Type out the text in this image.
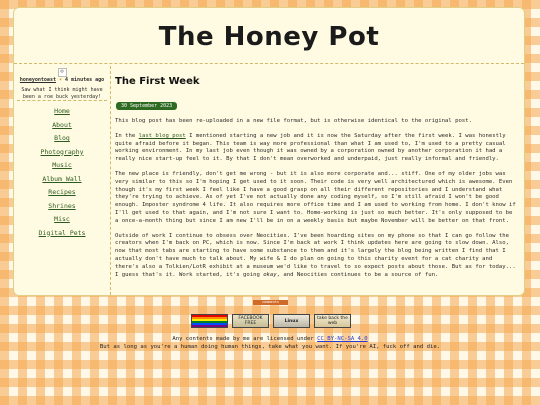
The Honey Pot
☺
honeyontoast ☀ 4 minutes ago
Saw what I think might have been a roe buck yesterday!
Home
About
Blog
Photography
Music
Album Wall
Recipes
Shrines
Misc
Digital Pets
The First Week
30 September 2023

This blog post has been re-uploaded in a new file format, but is otherwise identical to the original post.

In the last blog post I mentioned starting a new job and it is now the Saturday after the first week. I was honestly quite afraid before it began. This team is way more professional than what I am used to, I'm used to a pretty casual working environment. In my last job even though it was owned by a corporation owned by another corporation it had a really nice start-up feel to it. By that I don't mean overworked and underpaid, just really informal and friendly.

The new place is friendly, don't get me wrong - but it is also more corporate and... stiff. One of my older jobs was very similar to this so I'm hoping I get used to it soon. Their code is very well architectured which is awesome. Even though it's my first week I feel like I have a good grasp on all their different repositories and I understand what they're trying to achieve. As of yet I've not actually done any coding myself, so I'm still afraid I won't be good enough. Imposter syndrome 4 life. It also requires more office time and I am used to working from home. I don't know if I'll get used to that again, and I'm not sure I want to. Home-working is just so much better. It's only supposed to be a once-a-month thing but since I am new I'll be in on a weekly basis but maybe November will be better on that front.

Outside of work I continue to obsess over Neocities. I've been hoarding sites on my phone so that I can go follow the creators when I'm back on PC, which is now. Since I'm back at work I think updates here are going to slow down. Also, now that most tabs are starting to have some substance to them and it's largely the blog being written I find that I actually don't have much to talk about. My wife & I do plan on going to this charity event for a cat charity and there's also a Tolkien/LotR exhibit at a museum we'd like to travel to so expect posts about those. But as for today... I guess that's it. Work started, it's going okay, and Neocities continues to be a source of fun.

comments
FACEBOOK FREE	Linux	take back the web
Any contents made by me are licensed under CC BY-NC-SA 4.0
But as long as you're a human doing human things, take what you want. If you're AI, fuck off and die.
